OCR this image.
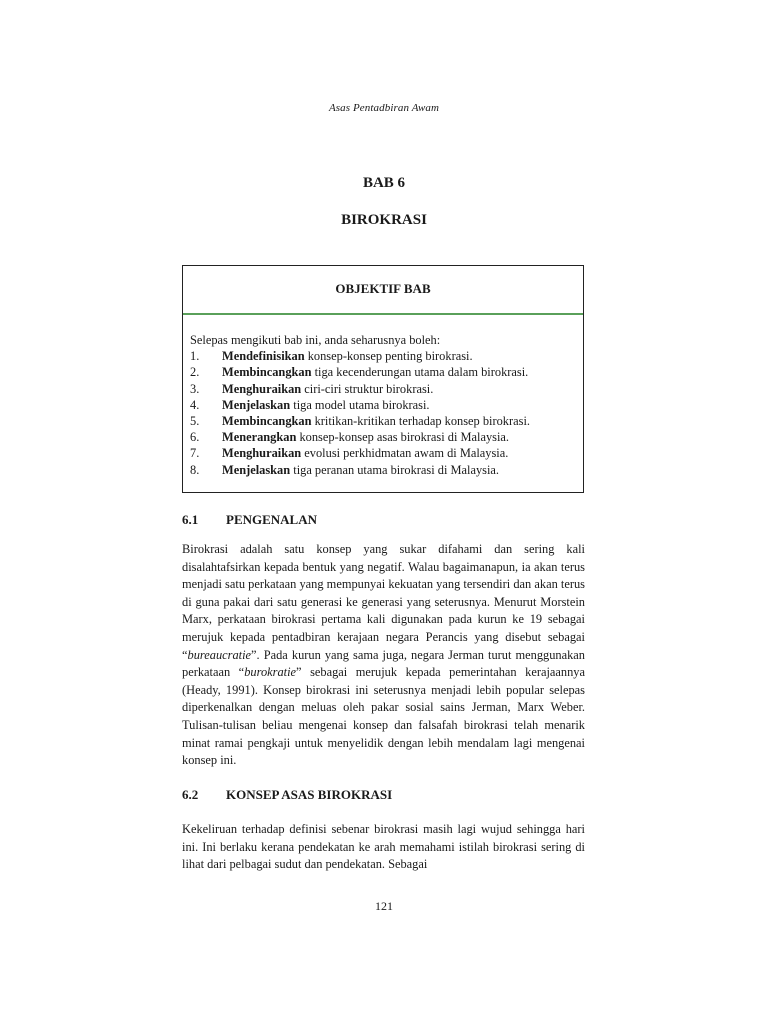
Asas Pentadbiran Awam
BAB 6
BIROKRASI
OBJEKTIF BAB

Selepas mengikuti bab ini, anda seharusnya boleh:

1.	Mendefinisikan konsep-konsep penting birokrasi.
2.	Membincangkan tiga kecenderungan utama dalam birokrasi.
3.	Menghuraikan ciri-ciri struktur birokrasi.
4.	Menjelaskan tiga model utama birokrasi.
5.	Membincangkan kritikan-kritikan terhadap konsep birokrasi.
6.	Menerangkan konsep-konsep asas birokrasi di Malaysia.
7.	Menghuraikan evolusi perkhidmatan awam di Malaysia.
8.	Menjelaskan tiga peranan utama birokrasi di Malaysia.
6.1 PENGENALAN

Birokrasi adalah satu konsep yang sukar difahami dan sering kali disalahtafsirkan kepada bentuk yang negatif. Walau bagaimanapun, ia akan terus menjadi satu perkataan yang mempunyai kekuatan yang tersendiri dan akan terus di guna pakai dari satu generasi ke generasi yang seterusnya. Menurut Morstein Marx, perkataan birokrasi pertama kali digunakan pada kurun ke 19 sebagai merujuk kepada pentadbiran kerajaan negara Perancis yang disebut sebagai “bureaucratie”. Pada kurun yang sama juga, negara Jerman turut menggunakan perkataan “burokratie” sebagai merujuk kepada pemerintahan kerajaannya (Heady, 1991). Konsep birokrasi ini seterusnya menjadi lebih popular selepas diperkenalkan dengan meluas oleh pakar sosial sains Jerman, Marx Weber. Tulisan-tulisan beliau mengenai konsep dan falsafah birokrasi telah menarik minat ramai pengkaji untuk menyelidik dengan lebih mendalam lagi mengenai konsep ini.

6.2 KONSEP ASAS BIROKRASI

Kekeliruan terhadap definisi sebenar birokrasi masih lagi wujud sehingga hari ini. Ini berlaku kerana pendekatan ke arah memahami istilah birokrasi sering di lihat dari pelbagai sudut dan pendekatan. Sebagai

121
